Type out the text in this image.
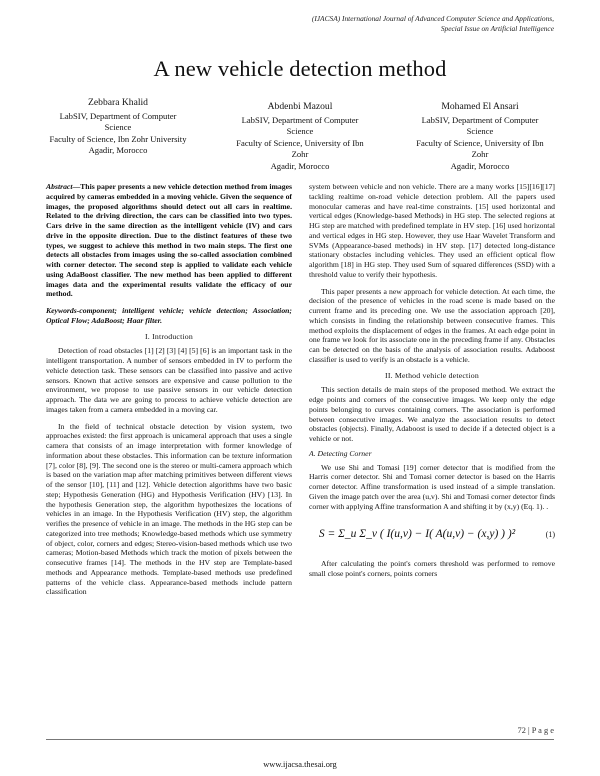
(IJACSA) International Journal of Advanced Computer Science and Applications,
Special Issue on Artificial Intelligence
A new vehicle detection method
Zebbara Khalid
LabSIV, Department of Computer
Science
Faculty of Science, Ibn Zohr University
Agadir, Morocco
Abdenbi Mazoul
LabSIV, Department of Computer
Science
Faculty of Science, University of Ibn
Zohr
Agadir, Morocco
Mohamed El Ansari
LabSIV, Department of Computer
Science
Faculty of Science, University of Ibn
Zohr
Agadir, Morocco

Abstract—This paper presents a new vehicle detection method from images acquired by cameras embedded in a moving vehicle. Given the sequence of images, the proposed algorithms should detect out all cars in realtime. Related to the driving direction, the cars can be classified into two types. Cars drive in the same direction as the intelligent vehicle (IV) and cars drive in the opposite direction. Due to the distinct features of these two types, we suggest to achieve this method in two main steps. The first one detects all obstacles from images using the so-called association combined with corner detector. The second step is applied to validate each vehicle using AdaBoost classifier. The new method has been applied to different images data and the experimental results validate the efficacy of our method.

Keywords-component; intelligent vehicle; vehicle detection; Association; Optical Flow; AdaBoost; Haar filter.

I. Introduction

Detection of road obstacles [1] [2] [3] [4] [5] [6] is an important task in the intelligent transportation. A number of sensors embedded in IV to perform the vehicle detection task. These sensors can be classified into passive and active sensors. Known that active sensors are expensive and cause pollution to the environment, we propose to use passive sensors in our vehicle detection approach. The data we are going to process to achieve vehicle detection are images taken from a camera embedded in a moving car.

In the field of technical obstacle detection by vision system, two approaches existed: the first approach is unicameral approach that uses a single camera that consists of an image interpretation with former knowledge of information about these obstacles. This information can be texture information [7], color [8], [9]. The second one is the stereo or multi-camera approach which is based on the variation map after matching primitives between different views of the sensor [10], [11] and [12]. Vehicle detection algorithms have two basic step; Hypothesis Generation (HG) and Hypothesis Verification (HV) [13]. In the hypothesis Generation step, the algorithm hypothesizes the locations of vehicles in an image. In the Hypothesis Verification (HV) step, the algorithm verifies the presence of vehicle in an image. The methods in the HG step can be categorized into tree methods; Knowledge-based methods which use symmetry of object, color, corners and edges; Stereo-vision-based methods which use two cameras; Motion-based Methods which track the motion of pixels between the consecutive frames [14]. The methods in the HV step are Template-based methods and Appearance methods. Template-based methods use predefined patterns of the vehicle class. Appearance-based methods include pattern classification

system between vehicle and non vehicle. There are a many works [15][16][17] tackling realtime on-road vehicle detection problem. All the papers used monocular cameras and have real-time constraints. [15] used horizontal and vertical edges (Knowledge-based Methods) in HG step. The selected regions at HG step are matched with predefined template in HV step. [16] used horizontal and vertical edges in HG step. However, they use Haar Wavelet Transform and SVMs (Appearance-based methods) in HV step. [17] detected long-distance stationary obstacles including vehicles. They used an efficient optical flow algorithm [18] in HG step. They used Sum of squared differences (SSD) with a threshold value to verify their hypothesis.

This paper presents a new approach for vehicle detection. At each time, the decision of the presence of vehicles in the road scene is made based on the current frame and its preceding one. We use the association approach [20], which consists in finding the relationship between consecutive frames. This method exploits the displacement of edges in the frames. At each edge point in one frame we look for its associate one in the preceding frame if any. Obstacles can be detected on the basis of the analysis of association results. Adaboost classifier is used to verify is an obstacle is a vehicle.

II. Method vehicle detection

This section details de main steps of the proposed method. We extract the edge points and corners of the consecutive images. We keep only the edge points belonging to curves containing corners. The association is performed between consecutive images. We analyze the association results to detect obstacles (objects). Finally, Adaboost is used to decide if a detected object is a vehicle or not.

A. Detecting Corner

We use Shi and Tomasi [19] corner detector that is modified from the Harris corner detector. Shi and Tomasi corner detector is based on the Harris corner detector. Affine transformation is used instead of a simple translation. Given the image patch over the area (u,v). Shi and Tomasi corner detector finds corner with applying Affine transformation A and shifting it by (x,y) (Eq. 1). .

S = Σ_u Σ_v ( I(u,v) − I( A(u,v) − (x,y) ) )²	(1)

After calculating the point's corners threshold was performed to remove small close point's corners, points corners

72 | P a g e
www.ijacsa.thesai.org
